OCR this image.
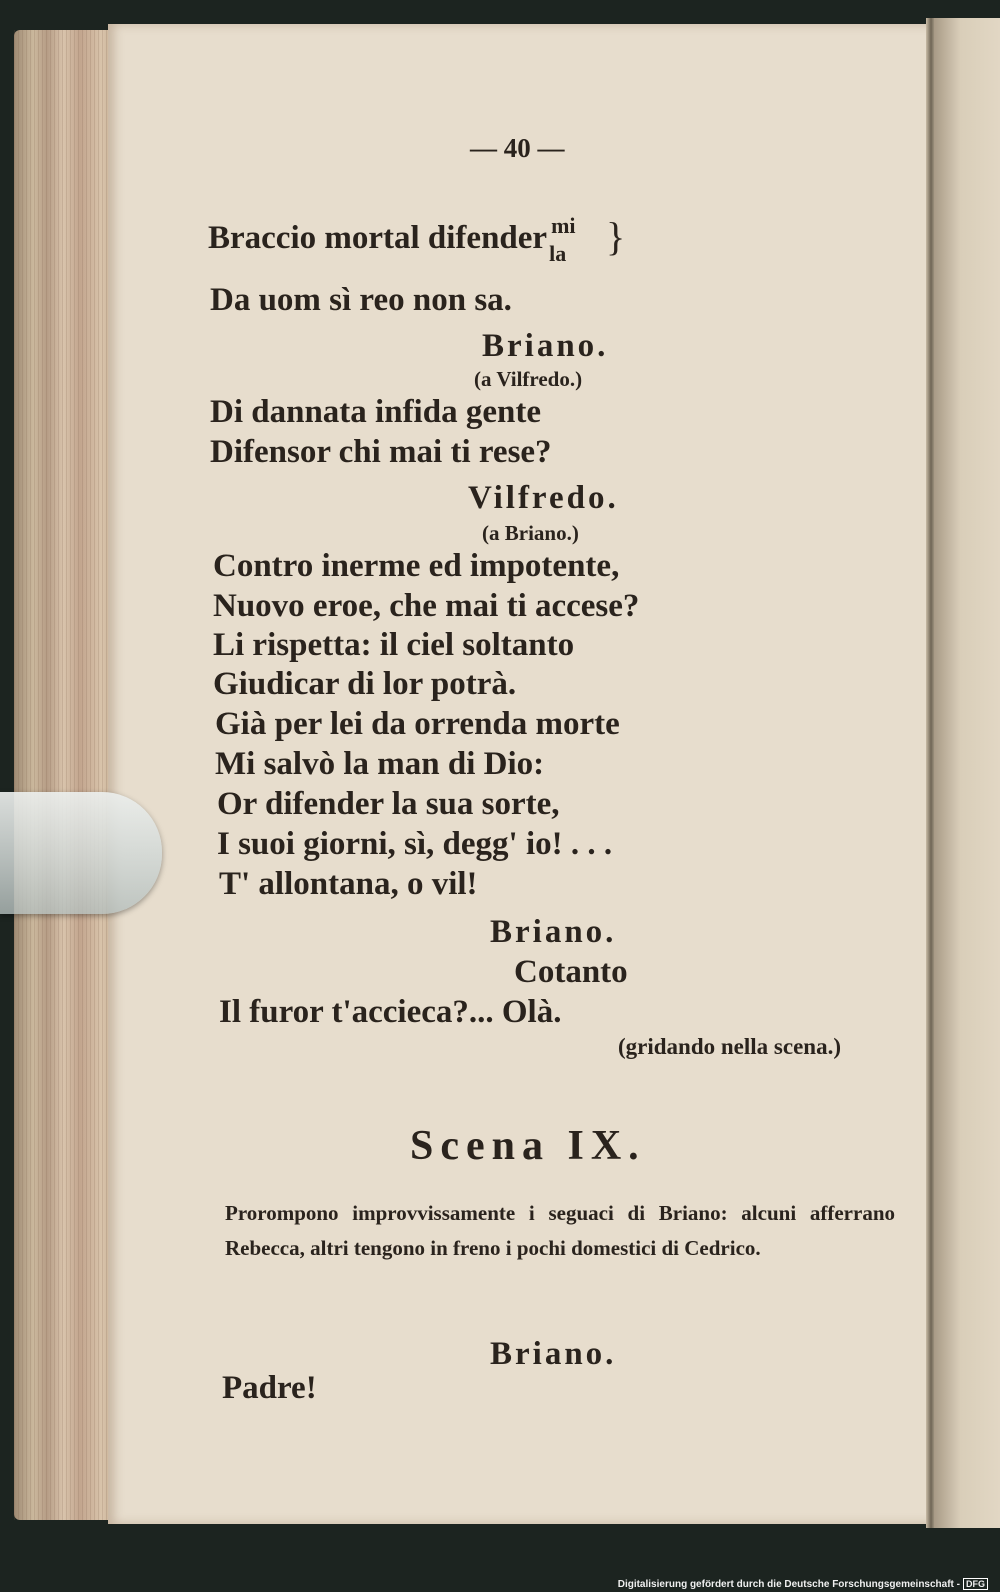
— 40 —
Braccio mortal difender mi
la }
Da uom sì reo non sa.
Briano.
(a Vilfredo.)
Di dannata infida gente
Difensor chi mai ti rese?
Vilfredo.
(a Briano.)
Contro inerme ed impotente,
Nuovo eroe, che mai ti accese?
Li rispetta: il ciel soltanto
Giudicar di lor potrà.
Già per lei da orrenda morte
Mi salvò la man di Dio:
Or difender la sua sorte,
I suoi giorni, sì, degg' io! . . .
T' allontana, o vil!
Briano.
Cotanto
Il furor t'accieca?... Olà.
(gridando nella scena.)
Scena IX.
Prorompono improvvissamente i seguaci di Briano: alcuni afferrano Rebecca, altri tengono in freno i pochi domestici di Cedrico.
Briano.
Padre!
Digitalisierung gefördert durch die Deutsche Forschungsgemeinschaft - DFG
